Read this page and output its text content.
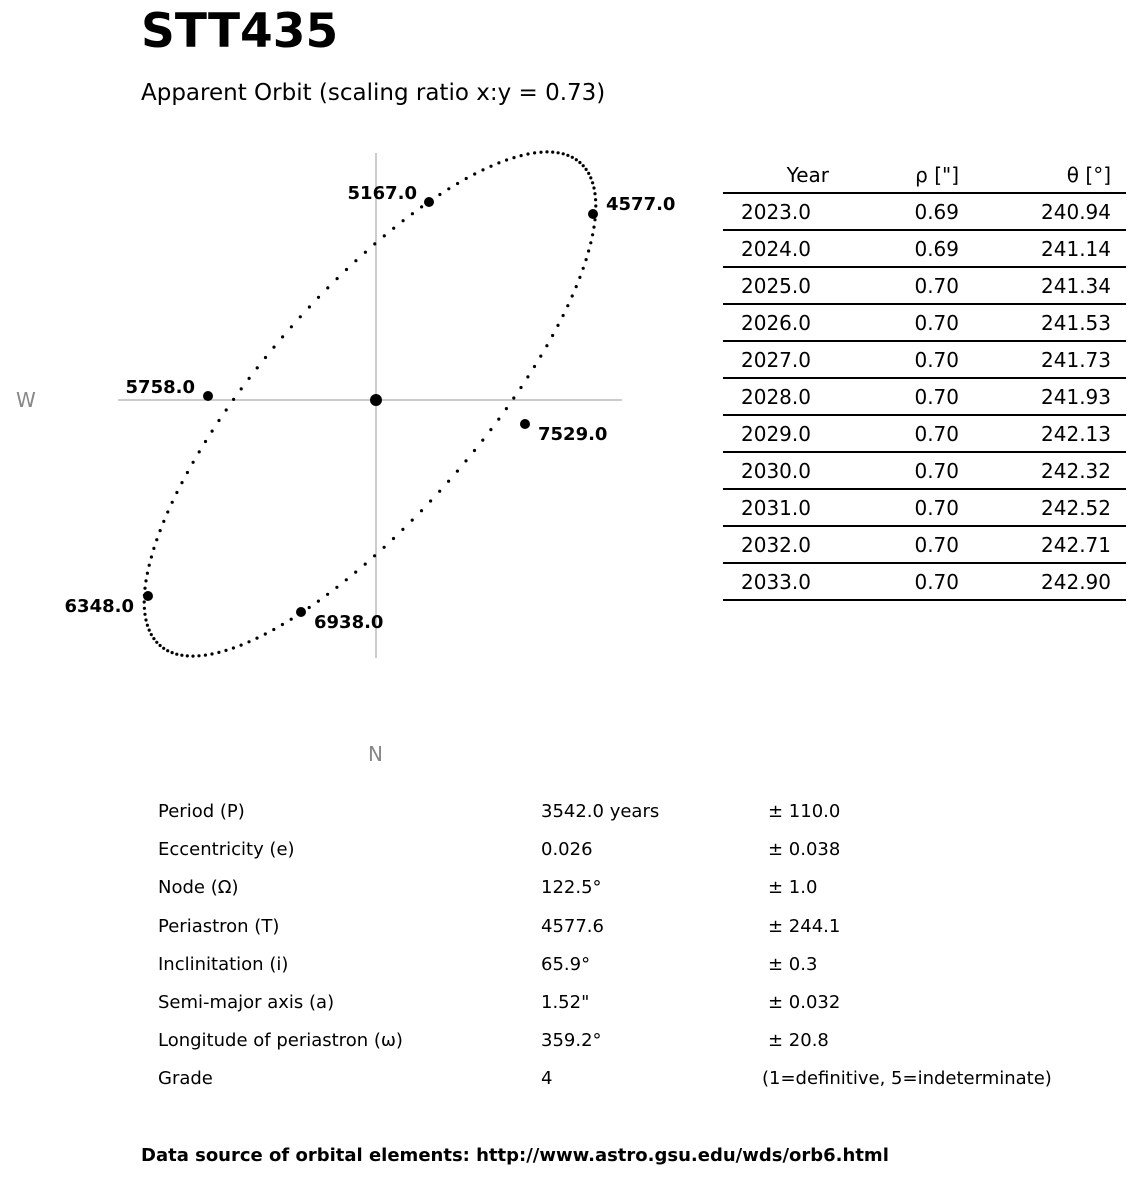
STT435
Apparent Orbit (scaling ratio x:y = 0.73)
4577.0
5167.0
5758.0
6348.0
6938.0
7529.0
W
N
Year	ρ ["]	θ [°]
2023.0	0.69	240.94
2024.0	0.69	241.14
2025.0	0.70	241.34
2026.0	0.70	241.53
2027.0	0.70	241.73
2028.0	0.70	241.93
2029.0	0.70	242.13
2030.0	0.70	242.32
2031.0	0.70	242.52
2032.0	0.70	242.71
2033.0	0.70	242.90
Period (P)	3542.0 years	± 110.0
Eccentricity (e)	0.026	± 0.038
Node (Ω)	122.5°	± 1.0
Periastron (T)	4577.6	± 244.1
Inclinitation (i)	65.9°	± 0.3
Semi-major axis (a)	1.52"	± 0.032
Longitude of periastron (ω)	359.2°	± 20.8
Grade	4	(1=definitive, 5=indeterminate)
Data source of orbital elements: http://www.astro.gsu.edu/wds/orb6.html
